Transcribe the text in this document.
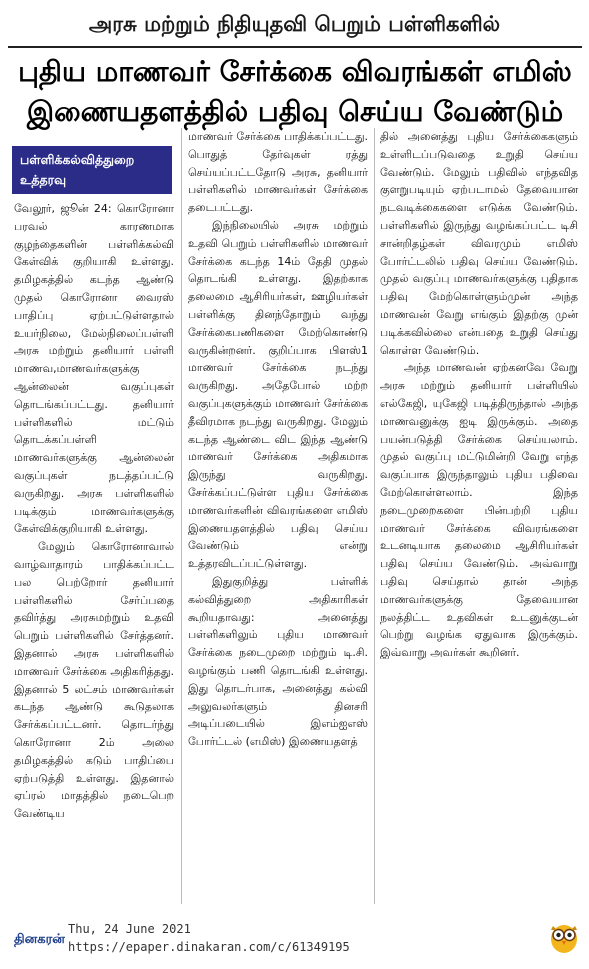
அரசு மற்றும் நிதியுதவி பெறும் பள்ளிகளில்
புதிய மாணவர் சேர்க்கை விவரங்கள் எமிஸ்
இணையதளத்தில் பதிவு செய்ய வேண்டும்
பள்ளிக்கல்வித்துறை
உத்தரவு

வேலூர், ஜூன் 24: கொரோனா பரவல் காரணமாக குழந்தைகளின் பள்ளிக்கல்வி கேள்விக் குறியாகி உள்ளது. தமிழகத்தில் கடந்த ஆண்டு முதல் கொரோனா வைரஸ் பாதிப்பு ஏற்பட்டுள்ளதால் உயர்நிலை, மேல்நிலைப்பள்ளி அரசு மற்றும் தனியார் பள்ளி மாணவ,மாணவர்களுக்கு ஆன்லைன் வகுப்புகள் தொடங்கப்பட்டது. தனியார் பள்ளிகளில் மட்டும் தொடக்கப்பள்ளி மாணவர்களுக்கு ஆன்லைன் வகுப்புகள் நடத்தப்பட்டு வருகிறது. அரசு பள்ளிகளில் படிக்கும் மாணவர்களுக்கு கேள்விக்குறியாகி உள்ளது.

மேலும் கொரோனாவால் வாழ்வாதாரம் பாதிக்கப்பட்ட பல பெற்றோர் தனியார் பள்ளிகளில் சேர்ப்பதை தவிர்த்து அரசுமற்றும் உதவி பெறும் பள்ளிகளில் சேர்த்தனர். இதனால் அரசு பள்ளிகளில் மாணவர் சேர்க்கை அதிகரித்தது. இதனால் 5 லட்சம் மாணவர்கள் கடந்த ஆண்டு கூடுதலாக சேர்க்கப்பட்டனர். தொடர்ந்து கொரோனா 2ம் அலை தமிழகத்தில் கடும் பாதிப்பை ஏற்படுத்தி உள்ளது. இதனால் ஏப்ரல் மாதத்தில் நடைபெற வேண்டிய

மாணவர் சேர்க்கை பாதிக்கப்பட்டது. பொதுத் தேர்வுகள் ரத்து செய்யப்பட்டதோடு அரசு, தனியார் பள்ளிகளில் மாணவர்கள் சேர்க்கை தடைபட்டது.

இந்நிலையில் அரசு மற்றும் உதவி பெறும் பள்ளிகளில் மாணவர் சேர்க்கை கடந்த 14ம் தேதி முதல் தொடங்கி உள்ளது. இதற்காக தலைமை ஆசிரியர்கள், ஊழியர்கள் பள்ளிக்கு தினந்தோறும் வந்து சேர்க்கைபணிகளை மேற்கொண்டு வருகின்றனர். குறிப்பாக பிளஸ்1 மாணவர் சேர்க்கை நடந்து வருகிறது. அதேபோல் மற்ற வகுப்புகளுக்கும் மாணவர் சேர்க்கை தீவிரமாக நடந்து வருகிறது. மேலும் கடந்த ஆண்டை விட இந்த ஆண்டு மாணவர் சேர்க்கை அதிகமாக இருந்து வருகிறது. சேர்க்கப்பட்டுள்ள புதிய சேர்க்கை மாணவர்களின் விவரங்களை எமிஸ் இணையதளத்தில் பதிவு செய்ய வேண்டும் என்று உத்தரவிடப்பட்டுள்ளது.

இதுகுறித்து பள்ளிக் கல்வித்துறை அதிகாரிகள் கூறியதாவது: அனைத்து பள்ளிகளிலும் புதிய மாணவர் சேர்க்கை நடைமுறை மற்றும் டி.சி. வழங்கும் பணி தொடங்கி உள்ளது. இது தொடர்பாக, அனைத்து கல்வி அலுவலர்களும் தினசரி அடிப்படையில் இஎம்ஐஎஸ் போர்ட்டல் (எமிஸ்) இணையதளத்

தில் அனைத்து புதிய சேர்க்கைகளும் உள்ளிடப்படுவதை உறுதி செய்ய வேண்டும். மேலும் பதிவில் எந்தவித குளறுபடியும் ஏற்படாமல் தேவையான நடவடிக்கைகளை எடுக்க வேண்டும். பள்ளிகளில் இருந்து வழங்கப்பட்ட டிசி சான்றிதழ்கள் விவரமும் எமிஸ் போர்ட்டலில் பதிவு செய்ய வேண்டும். முதல் வகுப்பு மாணவர்களுக்கு புதிதாக பதிவு மேற்கொள்ளும்முன் அந்த மாணவன் வேறு எங்கும் இதற்கு முன் படிக்கவில்லை என்பதை உறுதி செய்து கொள்ள வேண்டும்.

அந்த மாணவன் ஏற்கனவே வேறு அரசு மற்றும் தனியார் பள்ளியில் எல்கேஜி, யுகேஜி படித்திருந்தால் அந்த மாணவனுக்கு ஐடி இருக்கும். அதை பயன்படுத்தி சேர்க்கை செய்யலாம். முதல் வகுப்பு மட்டுமின்றி வேறு எந்த வகுப்பாக இருந்தாலும் புதிய பதிவை மேற்கொள்ளலாம். இந்த நடைமுறைகளை பின்பற்றி புதிய மாணவர் சேர்க்கை விவரங்களை உடனடியாக தலைமை ஆசிரியர்கள் பதிவு செய்ய வேண்டும். அவ்வாறு பதிவு செய்தால் தான் அந்த மாணவர்களுக்கு தேவையான நலத்திட்ட உதவிகள் உடனுக்குடன் பெற்று வழங்க ஏதுவாக இருக்கும். இவ்வாறு அவர்கள் கூறினர்.

தினகரன்
Thu, 24 June 2021
https://epaper.dinakaran.com/c/61349195
